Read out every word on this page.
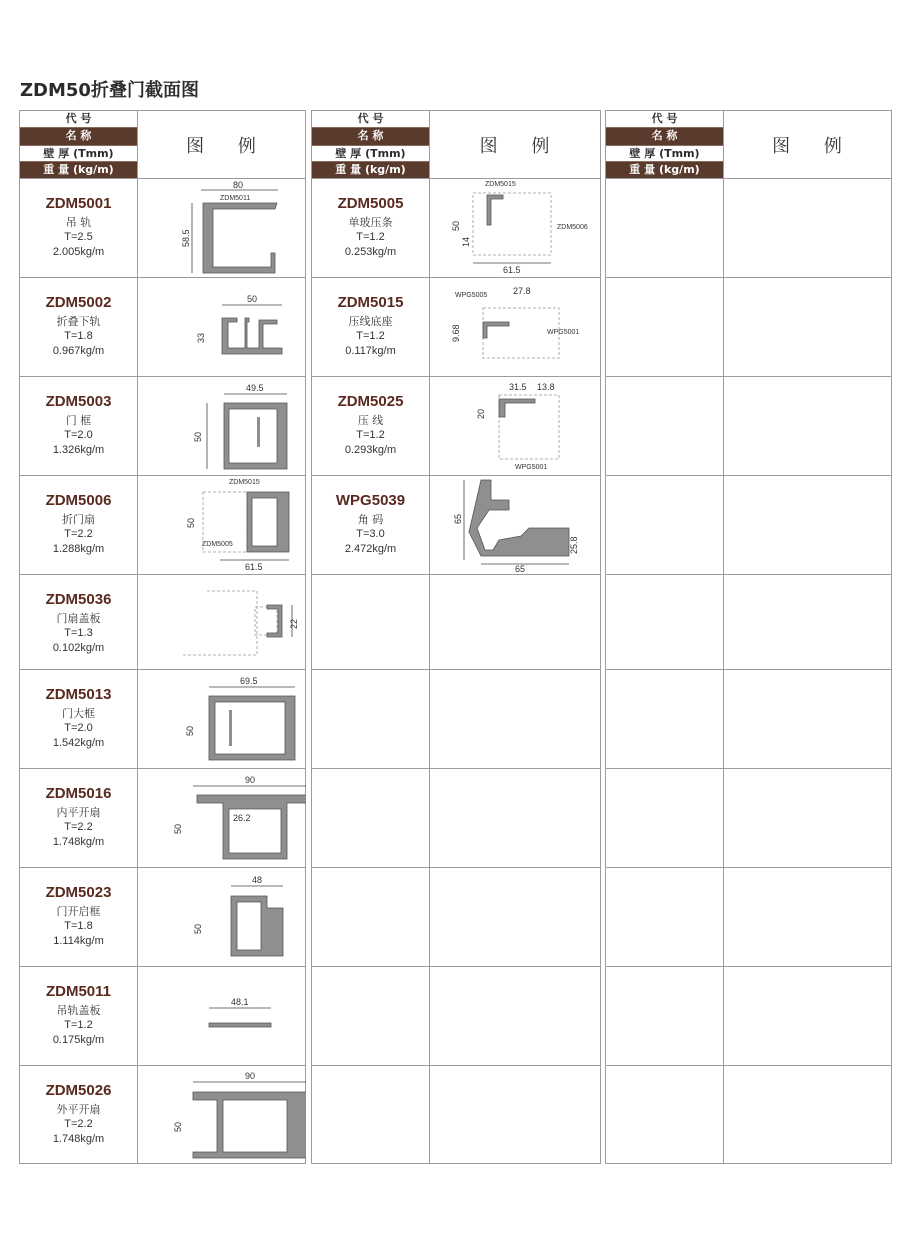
ZDM50折叠门截面图
代 号
名 称
壁 厚 (Tmm)
重 量 (kg/m)
图 例
ZDM5001
吊 轨
T=2.5
2.005kg/m
80
ZDM5011
58.5
ZDM5002
折叠下轨
T=1.8
0.967kg/m
50
33
ZDM5003
门 框
T=2.0
1.326kg/m
49.5
50
ZDM5006
折门扇
T=2.2
1.288kg/m
ZDM5015
50
ZDM5005
61.5
ZDM5036
门扇盖板
T=1.3
0.102kg/m
22
ZDM5013
门大框
T=2.0
1.542kg/m
69.5
50
ZDM5016
内平开扇
T=2.2
1.748kg/m
90
26.2
50
ZDM5023
门开启框
T=1.8
1.114kg/m
48
50
ZDM5011
吊轨盖板
T=1.2
0.175kg/m
48.1
ZDM5026
外平开扇
T=2.2
1.748kg/m
90
50
代 号
名 称
壁 厚 (Tmm)
重 量 (kg/m)
图 例
ZDM5005
单玻压条
T=1.2
0.253kg/m
ZDM5015
50
14
ZDM5006
61.5
ZDM5015
压线底座
T=1.2
0.117kg/m
WPG5005	27.8
9.68	WPG5001
ZDM5025
压 线
T=1.2
0.293kg/m
31.5 13.8
20
WPG5001
WPG5039
角 码
T=3.0
2.472kg/m
65
25.8
65
代 号
名 称
壁 厚 (Tmm)
重 量 (kg/m)
图 例
